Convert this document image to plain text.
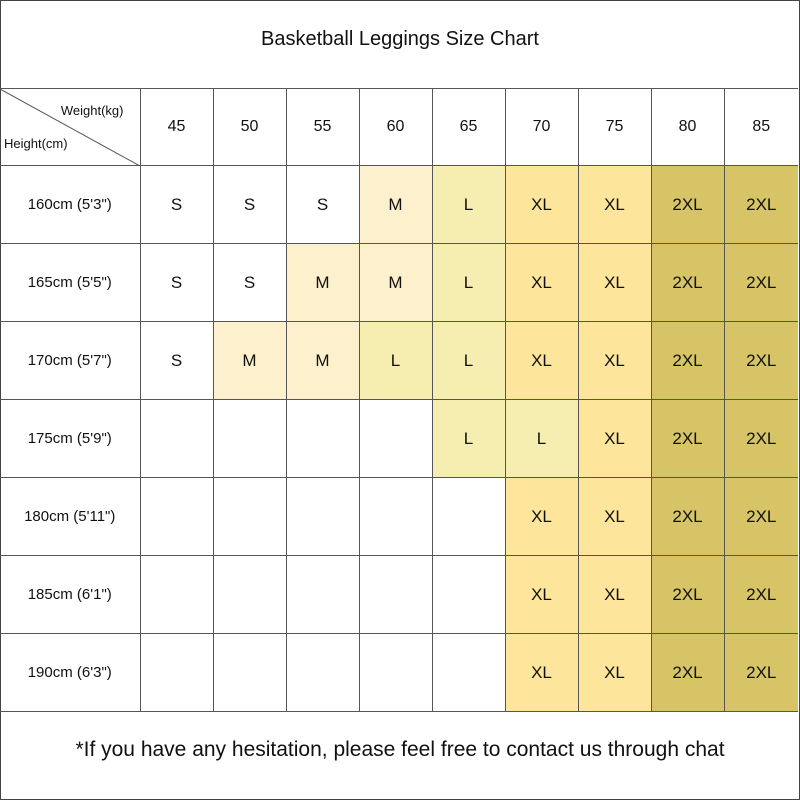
Basketball Leggings Size Chart
Weight(kg)
Height(cm)	45	50	55	60	65	70	75	80	85
160cm (5'3")	S	S	S	M	L	XL	XL	2XL	2XL
165cm (5'5")	S	S	M	M	L	XL	XL	2XL	2XL
170cm (5'7")	S	M	M	L	L	XL	XL	2XL	2XL
175cm (5'9")					L	L	XL	2XL	2XL
180cm (5'11")						XL	XL	2XL	2XL
185cm (6'1")						XL	XL	2XL	2XL
190cm (6'3")						XL	XL	2XL	2XL
*If you have any hesitation, please feel free to contact us through chat
